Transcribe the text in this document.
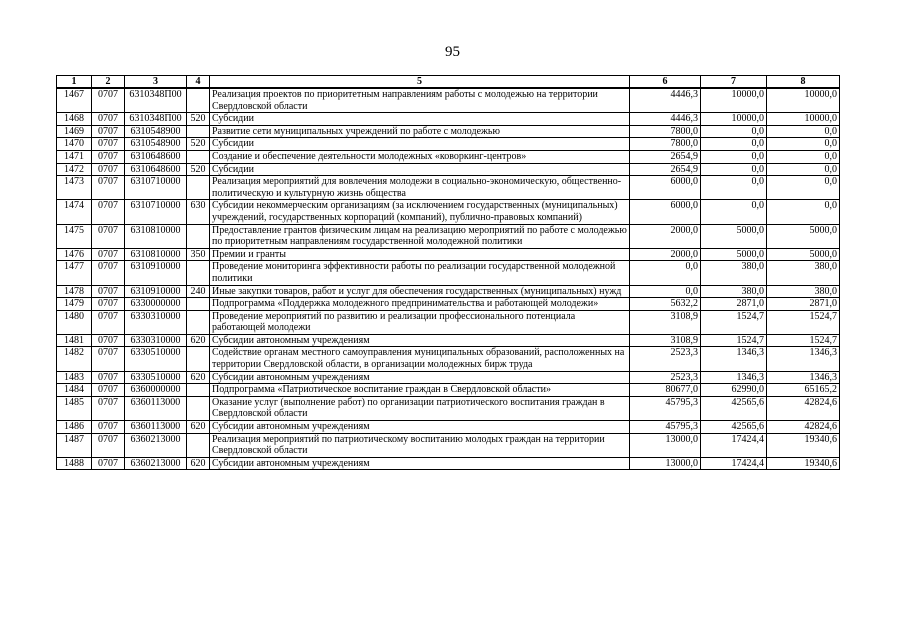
95
1	2	3	4	5	6	7	8
1467	0707	6310348П00		Реализация проектов по приоритетным направлениям работы с молодежью на территории Свердловской области	4446,3	10000,0	10000,0
1468	0707	6310348П00	520	Субсидии	4446,3	10000,0	10000,0
1469	0707	6310548900		Развитие сети муниципальных учреждений по работе с молодежью	7800,0	0,0	0,0
1470	0707	6310548900	520	Субсидии	7800,0	0,0	0,0
1471	0707	6310648600		Создание и обеспечение деятельности молодежных «коворкинг-центров»	2654,9	0,0	0,0
1472	0707	6310648600	520	Субсидии	2654,9	0,0	0,0
1473	0707	6310710000		Реализация мероприятий для вовлечения молодежи в социально-экономическую, общественно-политическую и культурную жизнь общества	6000,0	0,0	0,0
1474	0707	6310710000	630	Субсидии некоммерческим организациям (за исключением государственных (муниципальных) учреждений, государственных корпораций (компаний), публично-правовых компаний)	6000,0	0,0	0,0
1475	0707	6310810000		Предоставление грантов физическим лицам на реализацию мероприятий по работе с молодежью по приоритетным направлениям государственной молодежной политики	2000,0	5000,0	5000,0
1476	0707	6310810000	350	Премии и гранты	2000,0	5000,0	5000,0
1477	0707	6310910000		Проведение мониторинга эффективности работы по реализации государственной молодежной политики	0,0	380,0	380,0
1478	0707	6310910000	240	Иные закупки товаров, работ и услуг для обеспечения государственных (муниципальных) нужд	0,0	380,0	380,0
1479	0707	6330000000		Подпрограмма «Поддержка молодежного предпринимательства и работающей молодежи»	5632,2	2871,0	2871,0
1480	0707	6330310000		Проведение мероприятий по развитию и реализации профессионального потенциала работающей молодежи	3108,9	1524,7	1524,7
1481	0707	6330310000	620	Субсидии автономным учреждениям	3108,9	1524,7	1524,7
1482	0707	6330510000		Содействие органам местного самоуправления муниципальных образований, расположенных на территории Свердловской области, в организации молодежных бирж труда	2523,3	1346,3	1346,3
1483	0707	6330510000	620	Субсидии автономным учреждениям	2523,3	1346,3	1346,3
1484	0707	6360000000		Подпрограмма «Патриотическое воспитание граждан в Свердловской области»	80677,0	62990,0	65165,2
1485	0707	6360113000		Оказание услуг (выполнение работ) по организации патриотического воспитания граждан в Свердловской области	45795,3	42565,6	42824,6
1486	0707	6360113000	620	Субсидии автономным учреждениям	45795,3	42565,6	42824,6
1487	0707	6360213000		Реализация мероприятий по патриотическому воспитанию молодых граждан на территории Свердловской области	13000,0	17424,4	19340,6
1488	0707	6360213000	620	Субсидии автономным учреждениям	13000,0	17424,4	19340,6
